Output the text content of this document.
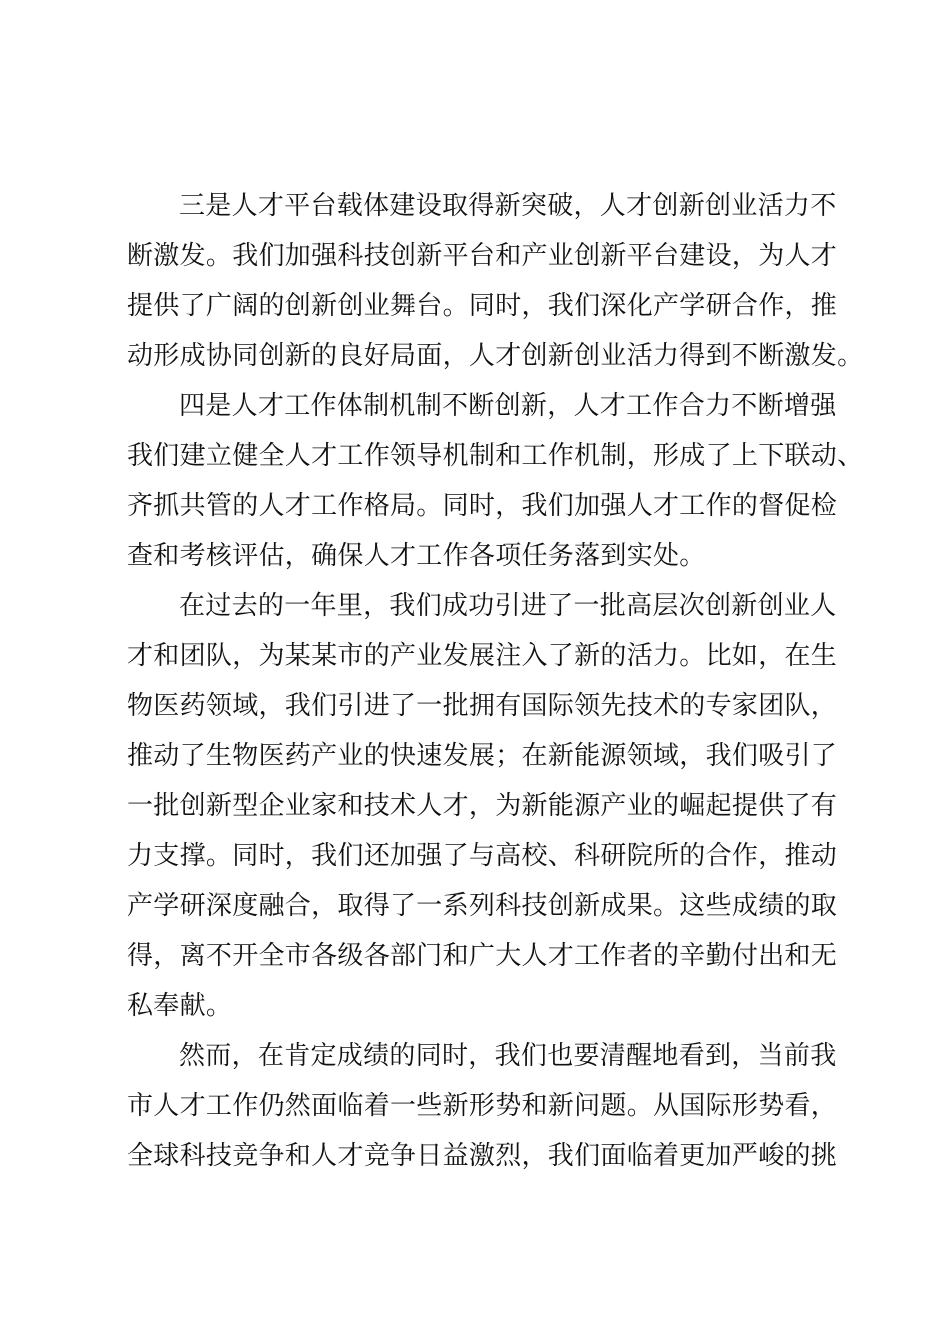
三是人才平台载体建设取得新突破，人才创新创业活力不
断激发。我们加强科技创新平台和产业创新平台建设，为人才
提供了广阔的创新创业舞台。同时，我们深化产学研合作，推
动形成协同创新的良好局面，人才创新创业活力得到不断激发。
四是人才工作体制机制不断创新，人才工作合力不断增强
我们建立健全人才工作领导机制和工作机制，形成了上下联动、
齐抓共管的人才工作格局。同时，我们加强人才工作的督促检
查和考核评估，确保人才工作各项任务落到实处。
在过去的一年里，我们成功引进了一批高层次创新创业人
才和团队，为某某市的产业发展注入了新的活力。比如，在生
物医药领域，我们引进了一批拥有国际领先技术的专家团队，
推动了生物医药产业的快速发展；在新能源领域，我们吸引了
一批创新型企业家和技术人才，为新能源产业的崛起提供了有
力支撑。同时，我们还加强了与高校、科研院所的合作，推动
产学研深度融合，取得了一系列科技创新成果。这些成绩的取
得，离不开全市各级各部门和广大人才工作者的辛勤付出和无
私奉献。
然而，在肯定成绩的同时，我们也要清醒地看到，当前我
市人才工作仍然面临着一些新形势和新问题。从国际形势看，
全球科技竞争和人才竞争日益激烈，我们面临着更加严峻的挑
